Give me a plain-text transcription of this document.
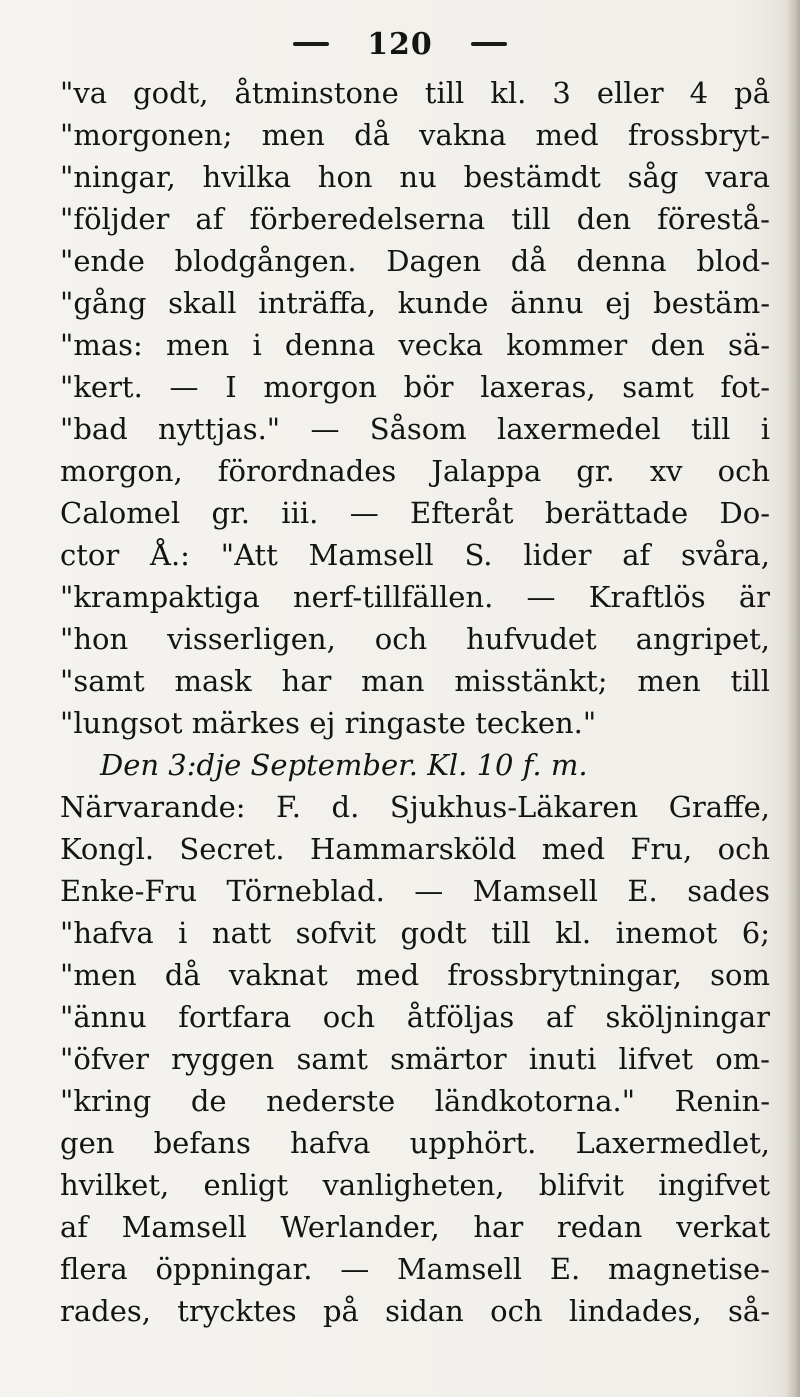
120
"va godt, åtminstone till kl. 3 eller 4 på
"morgonen; men då vakna med frossbryt-
"ningar, hvilka hon nu bestämdt såg vara
"följder af förberedelserna till den förestå-
"ende blodgången. Dagen då denna blod-
"gång skall inträffa, kunde ännu ej bestäm-
"mas: men i denna vecka kommer den sä-
"kert. — I morgon bör laxeras, samt fot-
"bad nyttjas." — Såsom laxermedel till i
morgon, förordnades Jalappa gr. xv och
Calomel gr. iii. — Efteråt berättade Do-
ctor Å.: "Att Mamsell S. lider af svåra,
"krampaktiga nerf-tillfällen. — Kraftlös är
"hon visserligen, och hufvudet angripet,
"samt mask har man misstänkt; men till
"lungsot märkes ej ringaste tecken."
Den 3:dje September. Kl. 10 f. m.
Närvarande: F. d. Sjukhus-Läkaren Graffe,
Kongl. Secret. Hammarsköld med Fru, och
Enke-Fru Törneblad. — Mamsell E. sades
"hafva i natt sofvit godt till kl. inemot 6;
"men då vaknat med frossbrytningar, som
"ännu fortfara och åtföljas af sköljningar
"öfver ryggen samt smärtor inuti lifvet om-
"kring de nederste ländkotorna." Renin-
gen befans hafva upphört. Laxermedlet,
hvilket, enligt vanligheten, blifvit ingifvet
af Mamsell Werlander, har redan verkat
flera öppningar. — Mamsell E. magnetise-
rades, trycktes på sidan och lindades, så-
